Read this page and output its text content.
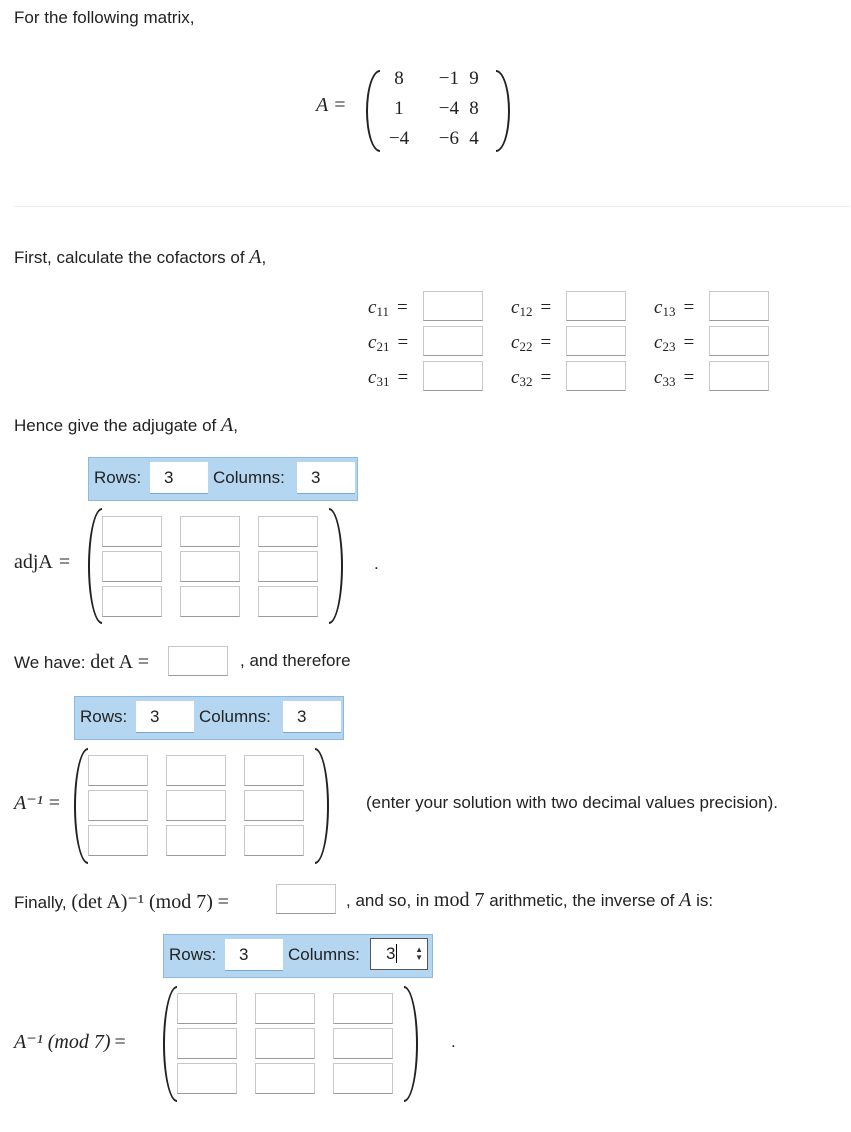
For the following matrix,
A =
8	−1	9
1	−4	8
−4	−6	4
First, calculate the cofactors of A,
$c_{11}$ =	$c_{12}$ =	$c_{13}$ =
$c_{21}$ =	$c_{22}$ =	$c_{23}$ =
$c_{31}$ =	$c_{32}$ =	$c_{33}$ =
Hence give the adjugate of A,
Rows:	3	Columns:	3
adjA =	.
We have: det A =	, and therefore
Rows:	3	Columns:	3
A⁻¹ =	(enter your solution with two decimal values precision).
Finally, (det A)⁻¹ (mod 7) =	, and so, in mod 7 arithmetic, the inverse of A is:
Rows:	3	Columns:	3 ▲
▼
A⁻¹ (mod 7) =	.
